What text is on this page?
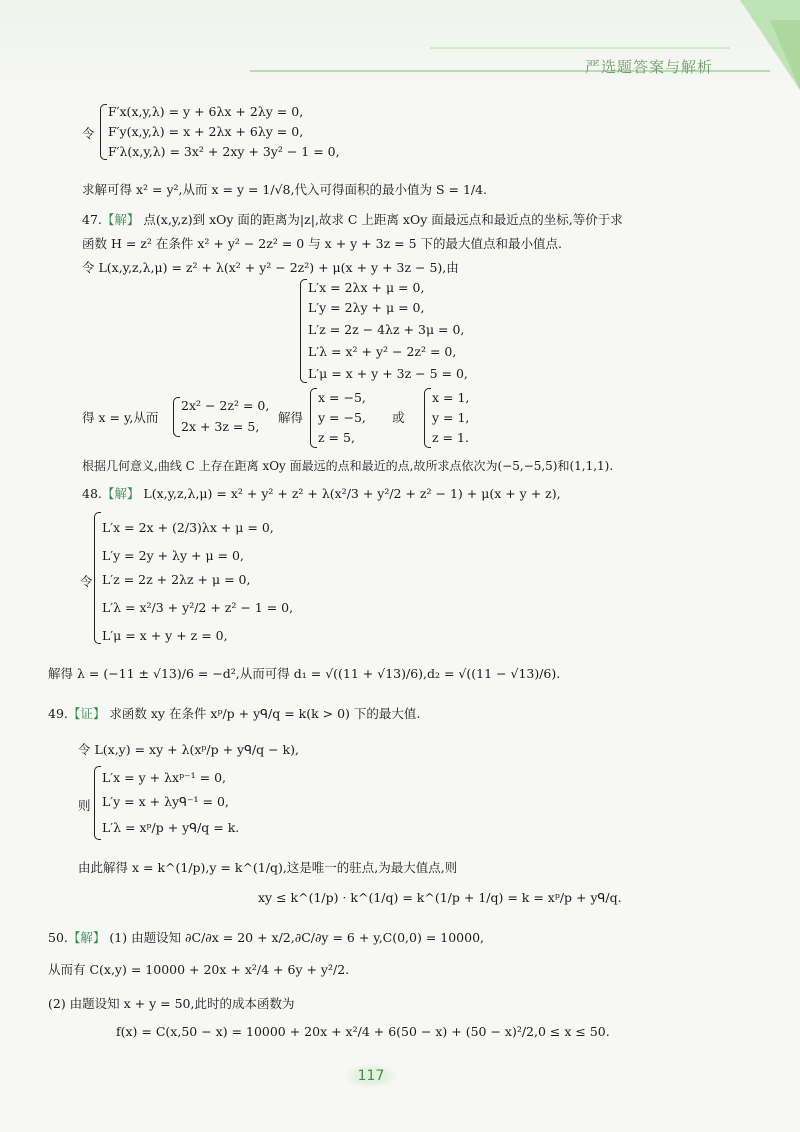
严选题答案与解析
令
F′x(x,y,λ) = y + 6λx + 2λy = 0,
F′y(x,y,λ) = x + 2λx + 6λy = 0,
F′λ(x,y,λ) = 3x² + 2xy + 3y² − 1 = 0,
求解可得 x² = y²,从而 x = y = 1/√8,代入可得面积的最小值为 S = 1/4.
47.【解】 点(x,y,z)到 xOy 面的距离为|z|,故求 C 上距离 xOy 面最远点和最近点的坐标,等价于求
函数 H = z² 在条件 x² + y² − 2z² = 0 与 x + y + 3z = 5 下的最大值点和最小值点.
令 L(x,y,z,λ,μ) = z² + λ(x² + y² − 2z²) + μ(x + y + 3z − 5),由
L′x = 2λx + μ = 0,
L′y = 2λy + μ = 0,
L′z = 2z − 4λz + 3μ = 0,
L′λ = x² + y² − 2z² = 0,
L′μ = x + y + 3z − 5 = 0,
得 x = y,从而
2x² − 2z² = 0,
2x + 3z = 5,
解得
x = −5,
y = −5,
z = 5,
或
x = 1,
y = 1,
z = 1.
根据几何意义,曲线 C 上存在距离 xOy 面最远的点和最近的点,故所求点依次为(−5,−5,5)和(1,1,1).
48.【解】 L(x,y,z,λ,μ) = x² + y² + z² + λ(x²/3 + y²/2 + z² − 1) + μ(x + y + z),
令
L′x = 2x + (2/3)λx + μ = 0,
L′y = 2y + λy + μ = 0,
L′z = 2z + 2λz + μ = 0,
L′λ = x²/3 + y²/2 + z² − 1 = 0,
L′μ = x + y + z = 0,
解得 λ = (−11 ± √13)/6 = −d²,从而可得 d₁ = √((11 + √13)/6),d₂ = √((11 − √13)/6).
49.【证】 求函数 xy 在条件 xᵖ/p + yᑫ/q = k(k > 0) 下的最大值.
令 L(x,y) = xy + λ(xᵖ/p + yᑫ/q − k),
则
L′x = y + λxᵖ⁻¹ = 0,
L′y = x + λyᑫ⁻¹ = 0,
L′λ = xᵖ/p + yᑫ/q = k.
由此解得 x = k^(1/p),y = k^(1/q),这是唯一的驻点,为最大值点,则
xy ≤ k^(1/p) · k^(1/q) = k^(1/p + 1/q) = k = xᵖ/p + yᑫ/q.
50.【解】 (1) 由题设知 ∂C/∂x = 20 + x/2,∂C/∂y = 6 + y,C(0,0) = 10000,
从而有 C(x,y) = 10000 + 20x + x²/4 + 6y + y²/2.
(2) 由题设知 x + y = 50,此时的成本函数为
f(x) = C(x,50 − x) = 10000 + 20x + x²/4 + 6(50 − x) + (50 − x)²/2,0 ≤ x ≤ 50.
117
